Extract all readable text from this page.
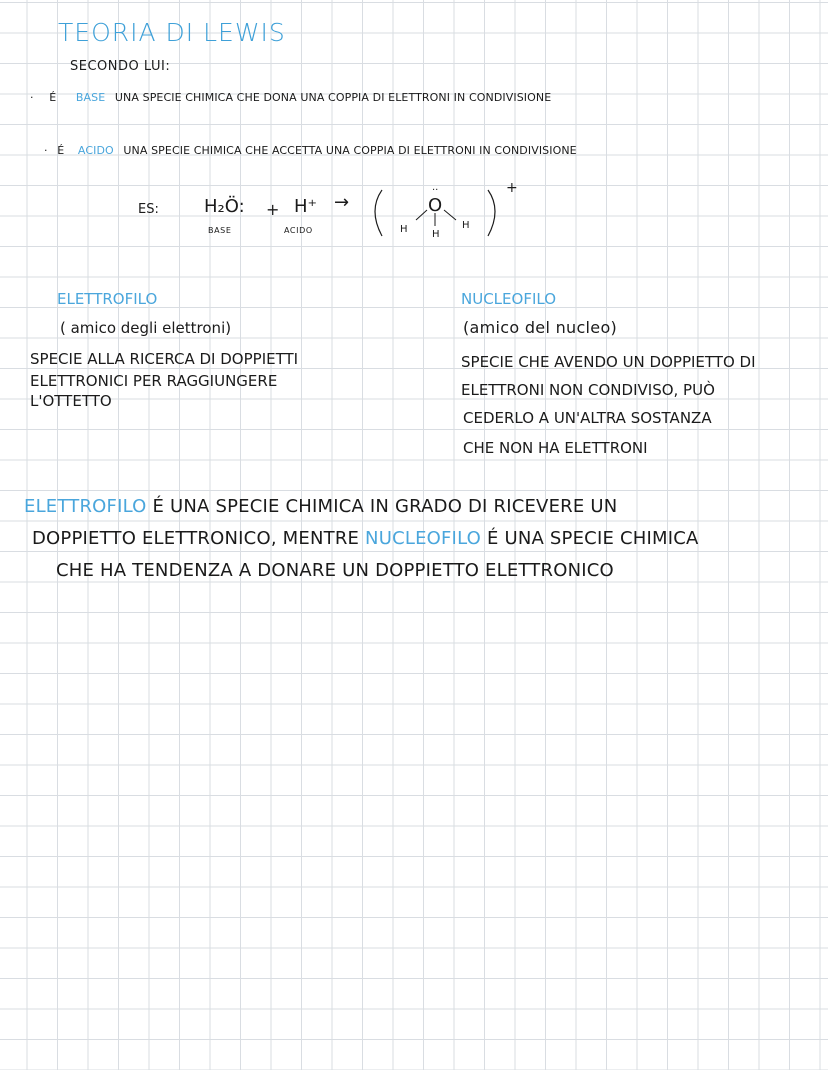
TEORIA DI LEWIS
SECONDO LUI:
· É BASE UNA SPECIE CHIMICA CHE DONA UNA COPPIA DI ELETTRONI IN CONDIVISIONE
· É ACIDO UNA SPECIE CHIMICA CHE ACCETTA UNA COPPIA DI ELETTRONI IN CONDIVISIONE
ES:	H₂Ö: + H⁺
BASE	ACIDO
→
..
O
H H
H
+
ELETTROFILO
( amico degli elettroni)
SPECIE ALLA RICERCA DI DOPPIETTI
ELETTRONICI PER RAGGIUNGERE
L'OTTETTO
NUCLEOFILO
(amico del nucleo)
SPECIE CHE AVENDO UN DOPPIETTO DI
ELETTRONI NON CONDIVISO, PUÒ
CEDERLO A UN'ALTRA SOSTANZA
CHE NON HA ELETTRONI
ELETTROFILO É UNA SPECIE CHIMICA IN GRADO DI RICEVERE UN
DOPPIETTO ELETTRONICO, MENTRE NUCLEOFILO É UNA SPECIE CHIMICA
CHE HA TENDENZA A DONARE UN DOPPIETTO ELETTRONICO
